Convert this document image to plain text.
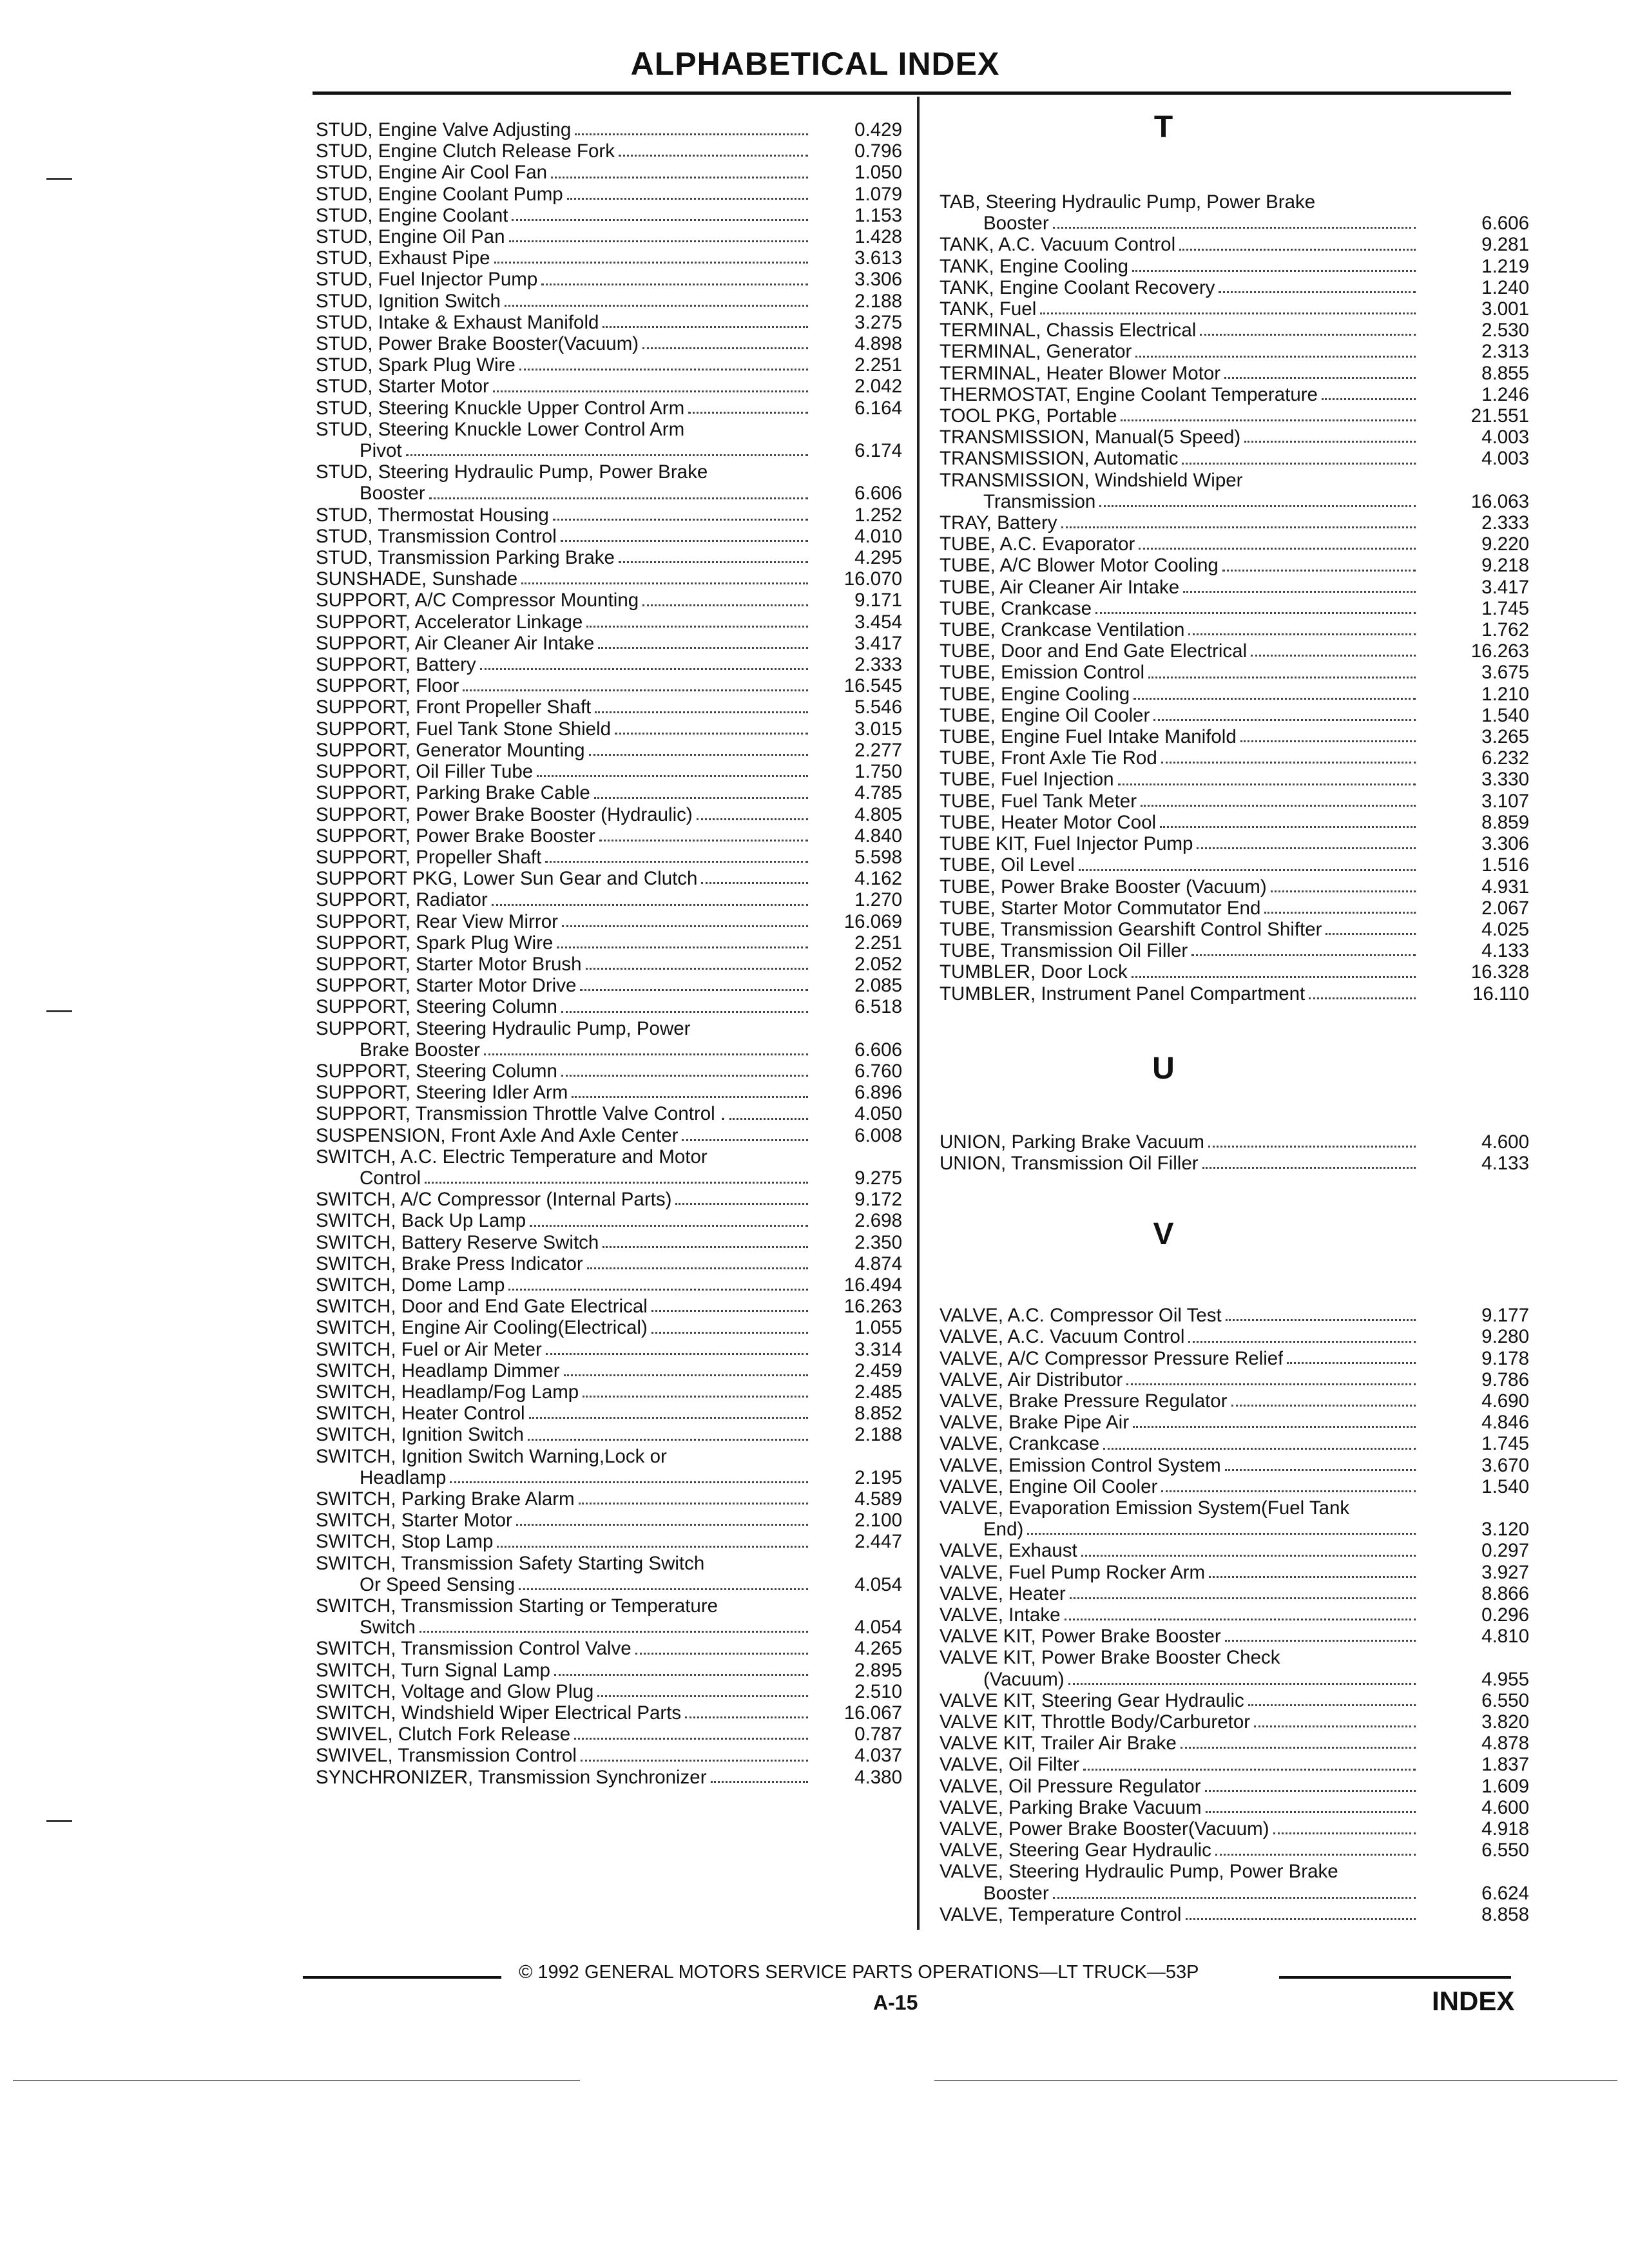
ALPHABETICAL INDEX
STUD, Engine Valve Adjusting	0.429
STUD, Engine Clutch Release Fork	0.796
STUD, Engine Air Cool Fan	1.050
STUD, Engine Coolant Pump	1.079
STUD, Engine Coolant	1.153
STUD, Engine Oil Pan	1.428
STUD, Exhaust Pipe	3.613
STUD, Fuel Injector Pump	3.306
STUD, Ignition Switch	2.188
STUD, Intake & Exhaust Manifold	3.275
STUD, Power Brake Booster(Vacuum)	4.898
STUD, Spark Plug Wire	2.251
STUD, Starter Motor	2.042
STUD, Steering Knuckle Upper Control Arm	6.164
STUD, Steering Knuckle Lower Control Arm
Pivot	6.174
STUD, Steering Hydraulic Pump, Power Brake
Booster	6.606
STUD, Thermostat Housing	1.252
STUD, Transmission Control	4.010
STUD, Transmission Parking Brake	4.295
SUNSHADE, Sunshade	16.070
SUPPORT, A/C Compressor Mounting	9.171
SUPPORT, Accelerator Linkage	3.454
SUPPORT, Air Cleaner Air Intake	3.417
SUPPORT, Battery	2.333
SUPPORT, Floor	16.545
SUPPORT, Front Propeller Shaft	5.546
SUPPORT, Fuel Tank Stone Shield	3.015
SUPPORT, Generator Mounting	2.277
SUPPORT, Oil Filler Tube	1.750
SUPPORT, Parking Brake Cable	4.785
SUPPORT, Power Brake Booster (Hydraulic)	4.805
SUPPORT, Power Brake Booster	4.840
SUPPORT, Propeller Shaft	5.598
SUPPORT PKG, Lower Sun Gear and Clutch	4.162
SUPPORT, Radiator	1.270
SUPPORT, Rear View Mirror	16.069
SUPPORT, Spark Plug Wire	2.251
SUPPORT, Starter Motor Brush	2.052
SUPPORT, Starter Motor Drive	2.085
SUPPORT, Steering Column	6.518
SUPPORT, Steering Hydraulic Pump, Power
Brake Booster	6.606
SUPPORT, Steering Column	6.760
SUPPORT, Steering Idler Arm	6.896
SUPPORT, Transmission Throttle Valve Control .	4.050
SUSPENSION, Front Axle And Axle Center	6.008
SWITCH, A.C. Electric Temperature and Motor
Control	9.275
SWITCH, A/C Compressor (Internal Parts)	9.172
SWITCH, Back Up Lamp	2.698
SWITCH, Battery Reserve Switch	2.350
SWITCH, Brake Press Indicator	4.874
SWITCH, Dome Lamp	16.494
SWITCH, Door and End Gate Electrical	16.263
SWITCH, Engine Air Cooling(Electrical)	1.055
SWITCH, Fuel or Air Meter	3.314
SWITCH, Headlamp Dimmer	2.459
SWITCH, Headlamp/Fog Lamp	2.485
SWITCH, Heater Control	8.852
SWITCH, Ignition Switch	2.188
SWITCH, Ignition Switch Warning,Lock or
Headlamp	2.195
SWITCH, Parking Brake Alarm	4.589
SWITCH, Starter Motor	2.100
SWITCH, Stop Lamp	2.447
SWITCH, Transmission Safety Starting Switch
Or Speed Sensing	4.054
SWITCH, Transmission Starting or Temperature
Switch	4.054
SWITCH, Transmission Control Valve	4.265
SWITCH, Turn Signal Lamp	2.895
SWITCH, Voltage and Glow Plug	2.510
SWITCH, Windshield Wiper Electrical Parts	16.067
SWIVEL, Clutch Fork Release	0.787
SWIVEL, Transmission Control	4.037
SYNCHRONIZER, Transmission Synchronizer	4.380
T
TAB, Steering Hydraulic Pump, Power Brake
Booster	6.606
TANK, A.C. Vacuum Control	9.281
TANK, Engine Cooling	1.219
TANK, Engine Coolant Recovery	1.240
TANK, Fuel	3.001
TERMINAL, Chassis Electrical	2.530
TERMINAL, Generator	2.313
TERMINAL, Heater Blower Motor	8.855
THERMOSTAT, Engine Coolant Temperature	1.246
TOOL PKG, Portable	21.551
TRANSMISSION, Manual(5 Speed)	4.003
TRANSMISSION, Automatic	4.003
TRANSMISSION, Windshield Wiper
Transmission	16.063
TRAY, Battery	2.333
TUBE, A.C. Evaporator	9.220
TUBE, A/C Blower Motor Cooling	9.218
TUBE, Air Cleaner Air Intake	3.417
TUBE, Crankcase	1.745
TUBE, Crankcase Ventilation	1.762
TUBE, Door and End Gate Electrical	16.263
TUBE, Emission Control	3.675
TUBE, Engine Cooling	1.210
TUBE, Engine Oil Cooler	1.540
TUBE, Engine Fuel Intake Manifold	3.265
TUBE, Front Axle Tie Rod	6.232
TUBE, Fuel Injection	3.330
TUBE, Fuel Tank Meter	3.107
TUBE, Heater Motor Cool	8.859
TUBE KIT, Fuel Injector Pump	3.306
TUBE, Oil Level	1.516
TUBE, Power Brake Booster (Vacuum)	4.931
TUBE, Starter Motor Commutator End	2.067
TUBE, Transmission Gearshift Control Shifter	4.025
TUBE, Transmission Oil Filler	4.133
TUMBLER, Door Lock	16.328
TUMBLER, Instrument Panel Compartment	16.110
U
UNION, Parking Brake Vacuum	4.600
UNION, Transmission Oil Filler	4.133
V
VALVE, A.C. Compressor Oil Test	9.177
VALVE, A.C. Vacuum Control	9.280
VALVE, A/C Compressor Pressure Relief	9.178
VALVE, Air Distributor	9.786
VALVE, Brake Pressure Regulator	4.690
VALVE, Brake Pipe Air	4.846
VALVE, Crankcase	1.745
VALVE, Emission Control System	3.670
VALVE, Engine Oil Cooler	1.540
VALVE, Evaporation Emission System(Fuel Tank
End)	3.120
VALVE, Exhaust	0.297
VALVE, Fuel Pump Rocker Arm	3.927
VALVE, Heater	8.866
VALVE, Intake	0.296
VALVE KIT, Power Brake Booster	4.810
VALVE KIT, Power Brake Booster Check
(Vacuum)	4.955
VALVE KIT, Steering Gear Hydraulic	6.550
VALVE KIT, Throttle Body/Carburetor	3.820
VALVE KIT, Trailer Air Brake	4.878
VALVE, Oil Filter	1.837
VALVE, Oil Pressure Regulator	1.609
VALVE, Parking Brake Vacuum	4.600
VALVE, Power Brake Booster(Vacuum)	4.918
VALVE, Steering Gear Hydraulic	6.550
VALVE, Steering Hydraulic Pump, Power Brake
Booster	6.624
VALVE, Temperature Control	8.858
© 1992 GENERAL MOTORS SERVICE PARTS OPERATIONS—LT TRUCK—53P
A-15	INDEX
